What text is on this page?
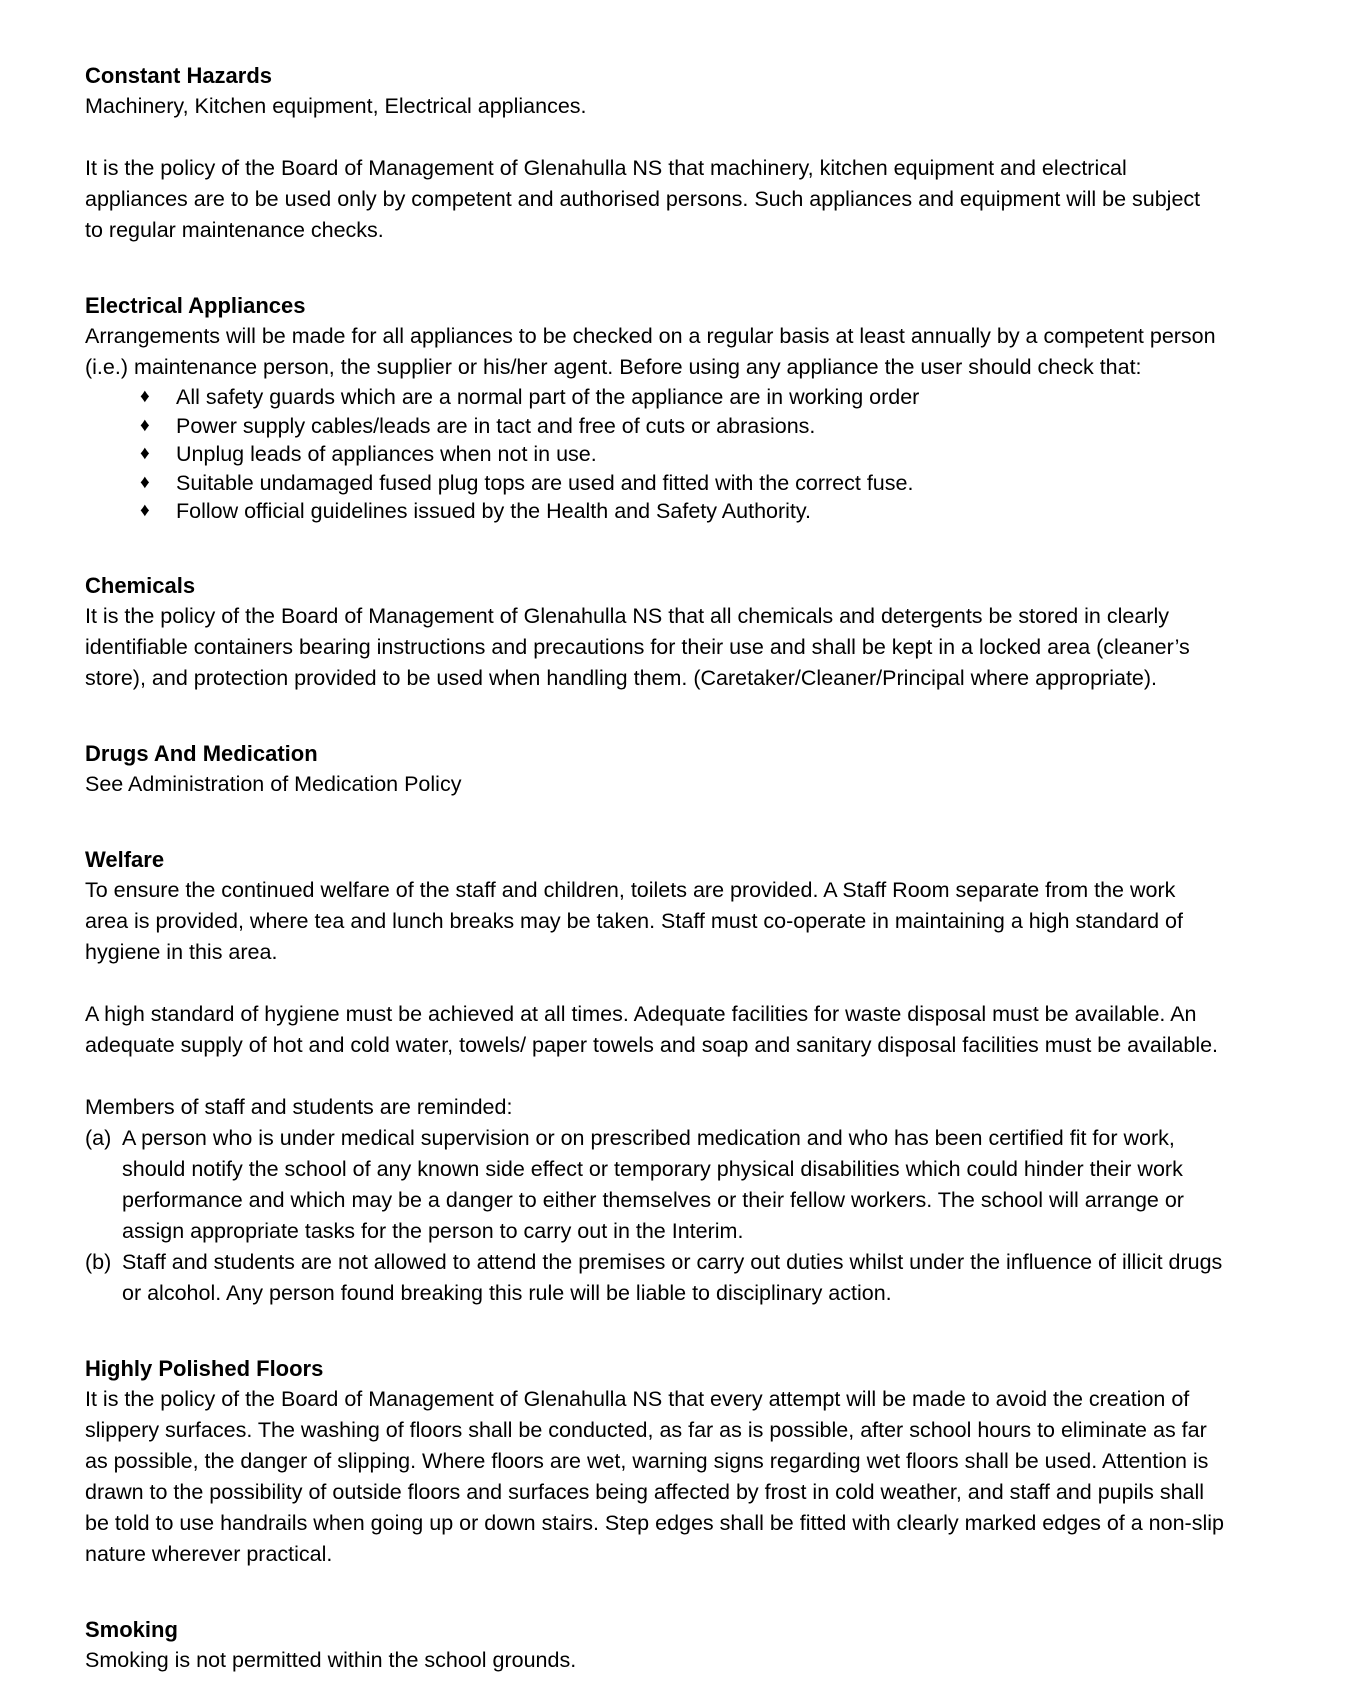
Constant Hazards

Machinery, Kitchen equipment, Electrical appliances.

It is the policy of the Board of Management of Glenahulla NS that machinery, kitchen equipment and electrical appliances are to be used only by competent and authorised persons. Such appliances and equipment will be subject to regular maintenance checks.

Electrical Appliances

Arrangements will be made for all appliances to be checked on a regular basis at least annually by a competent person (i.e.) maintenance person, the supplier or his/her agent. Before using any appliance the user should check that:

♦	All safety guards which are a normal part of the appliance are in working order
♦	Power supply cables/leads are in tact and free of cuts or abrasions.
♦	Unplug leads of appliances when not in use.
♦	Suitable undamaged fused plug tops are used and fitted with the correct fuse.
♦	Follow official guidelines issued by the Health and Safety Authority.
Chemicals

It is the policy of the Board of Management of Glenahulla NS that all chemicals and detergents be stored in clearly identifiable containers bearing instructions and precautions for their use and shall be kept in a locked area (cleaner’s store), and protection provided to be used when handling them. (Caretaker/Cleaner/Principal where appropriate).

Drugs And Medication

See Administration of Medication Policy

Welfare

To ensure the continued welfare of the staff and children, toilets are provided. A Staff Room separate from the work area is provided, where tea and lunch breaks may be taken. Staff must co-operate in maintaining a high standard of hygiene in this area.

A high standard of hygiene must be achieved at all times. Adequate facilities for waste disposal must be available. An adequate supply of hot and cold water, towels/ paper towels and soap and sanitary disposal facilities must be available.

Members of staff and students are reminded:

(a) A person who is under medical supervision or on prescribed medication and who has been certified fit for work, should notify the school of any known side effect or temporary physical disabilities which could hinder their work performance and which may be a danger to either themselves or their fellow workers. The school will arrange or assign appropriate tasks for the person to carry out in the Interim.
(b) Staff and students are not allowed to attend the premises or carry out duties whilst under the influence of illicit drugs or alcohol. Any person found breaking this rule will be liable to disciplinary action.
Highly Polished Floors

It is the policy of the Board of Management of Glenahulla NS that every attempt will be made to avoid the creation of slippery surfaces. The washing of floors shall be conducted, as far as is possible, after school hours to eliminate as far as possible, the danger of slipping. Where floors are wet, warning signs regarding wet floors shall be used. Attention is drawn to the possibility of outside floors and surfaces being affected by frost in cold weather, and staff and pupils shall be told to use handrails when going up or down stairs. Step edges shall be fitted with clearly marked edges of a non-slip nature wherever practical.

Smoking

Smoking is not permitted within the school grounds.
